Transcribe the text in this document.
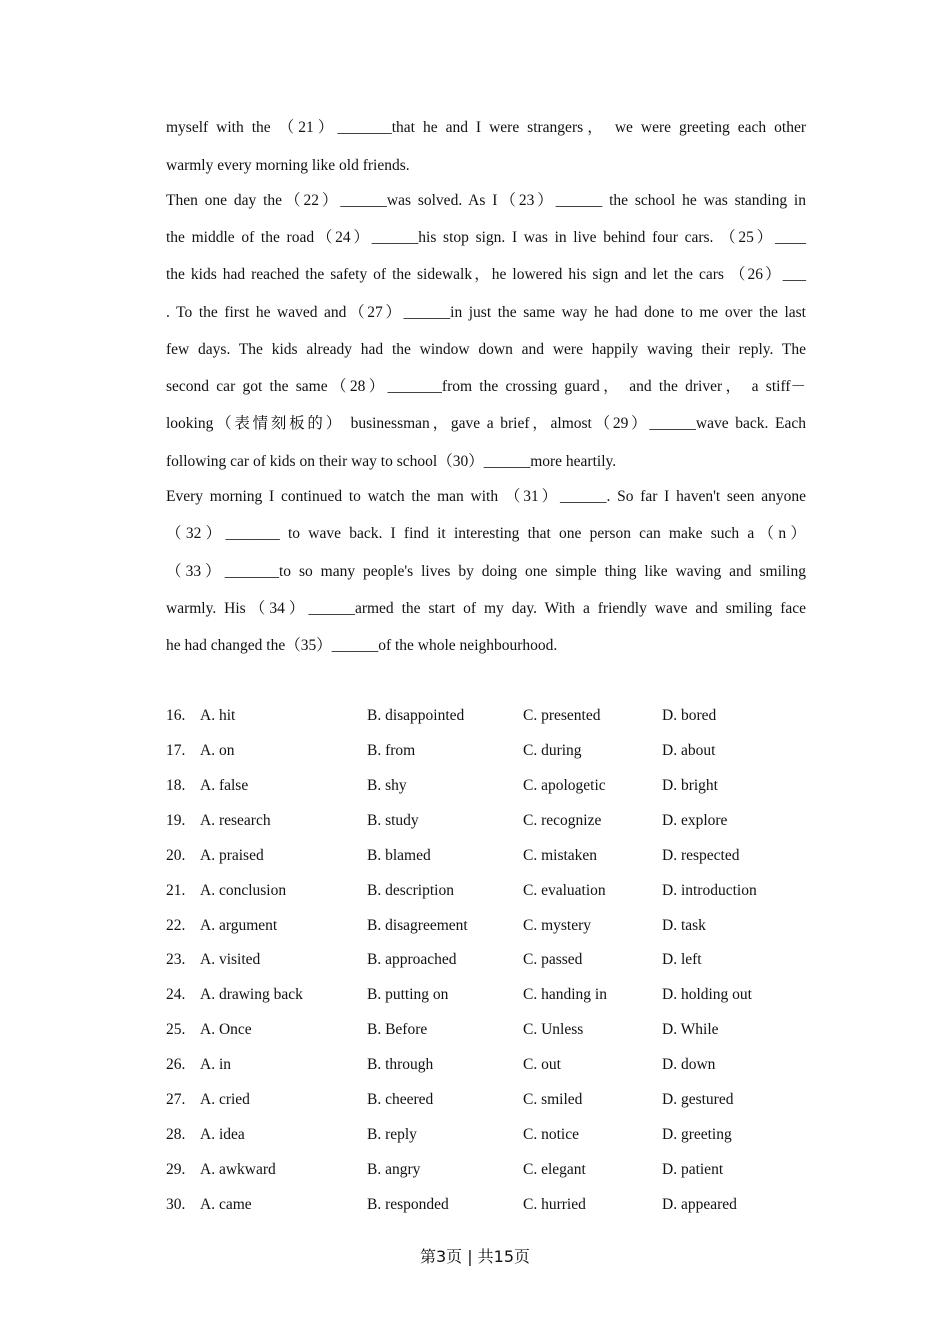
myself with the （21）_______that he and I were strangers， we were greeting each other
warmly every morning like old friends.
Then one day the（22）______was solved. As I（23）______ the school he was standing in
the middle of the road（24）______his stop sign. I was in live behind four cars. （25）____
the kids had reached the safety of the sidewalk，he lowered his sign and let the cars （26）___
. To the first he waved and（27）______in just the same way he had done to me over the last
few days. The kids already had the window down and were happily waving their reply. The
second car got the same（28）_______from the crossing guard， and the driver， a stiff－
looking（表情刻板的） businessman，gave a brief，almost（29）______wave back. Each
following car of kids on their way to school（30）______more heartily.
Every morning I continued to watch the man with （31）______. So far I haven't seen anyone
（32）_______ to wave back. I find it interesting that one person can make such a（n）
（33）_______to so many people's lives by doing one simple thing like waving and smiling
warmly. His（34）______armed the start of my day. With a friendly wave and smiling face
he had changed the（35）______of the whole neighbourhood.
16. A. hit	B. disappointed	C. presented	D. bored
17. A. on	B. from	C. during	D. about
18. A. false	B. shy	C. apologetic	D. bright
19. A. research	B. study	C. recognize	D. explore
20. A. praised	B. blamed	C. mistaken	D. respected
21. A. conclusion	B. description	C. evaluation	D. introduction
22. A. argument	B. disagreement	C. mystery	D. task
23. A. visited	B. approached	C. passed	D. left
24. A. drawing back	B. putting on	C. handing in	D. holding out
25. A. Once	B. Before	C. Unless	D. While
26. A. in	B. through	C. out	D. down
27. A. cried	B. cheered	C. smiled	D. gestured
28. A. idea	B. reply	C. notice	D. greeting
29. A. awkward	B. angry	C. elegant	D. patient
30. A. came	B. responded	C. hurried	D. appeared
第3页 | 共15页
